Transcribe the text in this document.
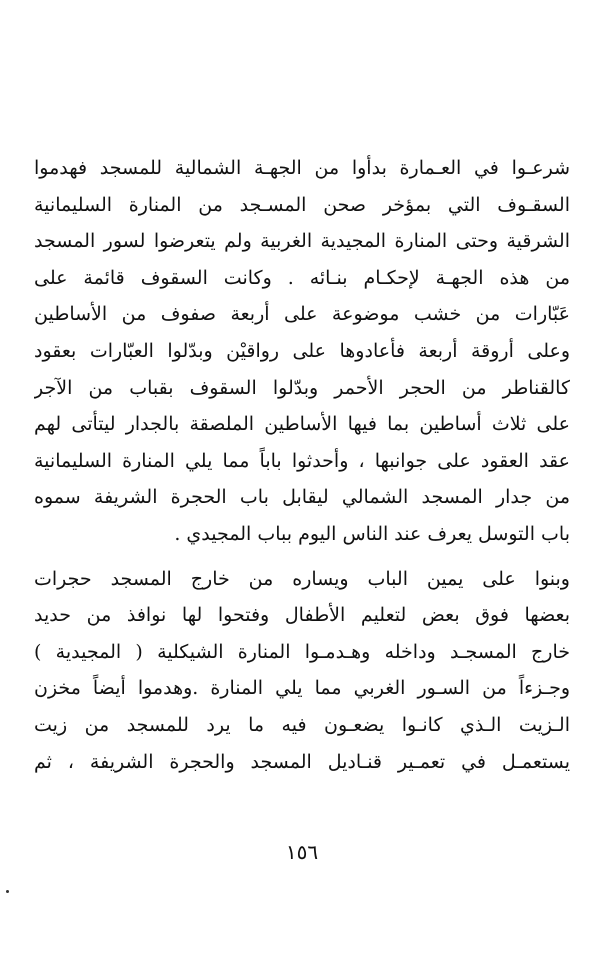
شرعـوا في العـمارة بدأوا من الجهـة الشمالية للمسجد فهدموا
السقـوف التي بمؤخر صحن المسـجد من المنارة السليمانية
الشرقية وحتى المنارة المجيدية الغربية ولم يتعرضوا لسور المسجد
من هذه الجهـة لإحكـام بنـائه . وكانت السقوف قائمة على
عَبّارات من خشب موضوعة على أربعة صفوف من الأساطين
وعلى أروقة أربعة فأعادوها على رواقيْن وبدّلوا العبّارات بعقود
كالقناطر من الحجر الأحمر وبدّلوا السقوف بقباب من الآجر
على ثلاث أساطين بما فيها الأساطين الملصقة بالجدار ليتأتى لهم
عقد العقود على جوانبها ، وأحدثوا باباً مما يلي المنارة السليمانية
من جدار المسجد الشمالي ليقابل باب الحجرة الشريفة سموه
باب التوسل يعرف عند الناس اليوم بباب المجيدي .
وبنوا على يمين الباب ويساره من خارج المسجد حجرات
بعضها فوق بعض لتعليم الأطفال وفتحوا لها نوافذ من حديد
خارج المسجـد وداخله وهـدمـوا المنارة الشيكلية ( المجيدية )
وجـزءاً من السـور الغربي مما يلي المنارة .وهدموا أيضاً مخزن
الـزيت الـذي كانـوا يضعـون فيه ما يرد للمسجد من زيت
يستعمـل في تعمـير قنـاديل المسجد والحجرة الشريفة ، ثم
١٥٦
